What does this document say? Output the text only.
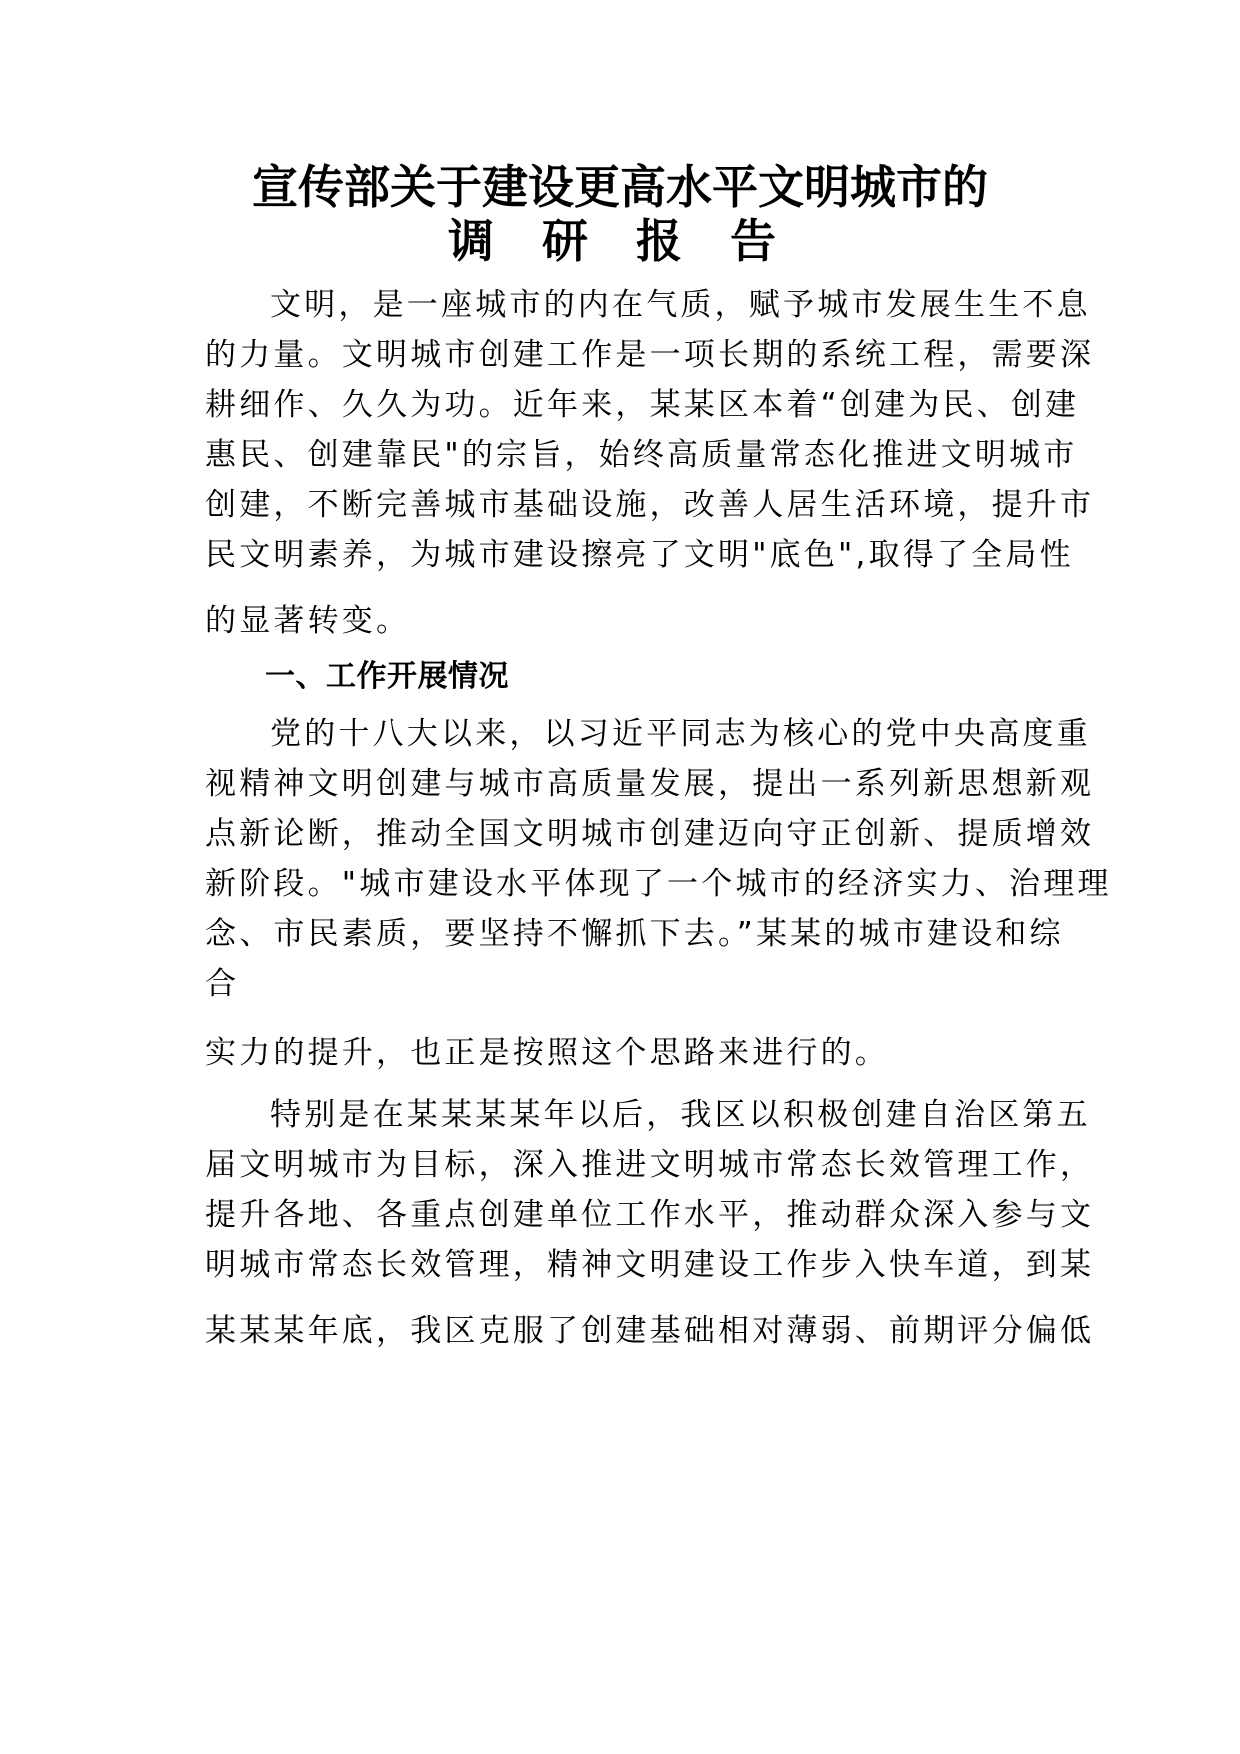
宣传部关于建设更高水平文明城市的
调 研 报 告
文明，是一座城市的内在气质，赋予城市发展生生不息
的力量。文明城市创建工作是一项长期的系统工程，需要深
耕细作、久久为功。近年来，某某区本着“创建为民、创建
惠民、创建靠民"的宗旨，始终高质量常态化推进文明城市
创建，不断完善城市基础设施，改善人居生活环境，提升市
民文明素养，为城市建设擦亮了文明"底色",取得了全局性
的显著转变。
一、工作开展情况
党的十八大以来，以习近平同志为核心的党中央高度重
视精神文明创建与城市高质量发展，提出一系列新思想新观
点新论断，推动全国文明城市创建迈向守正创新、提质增效
新阶段。"城市建设水平体现了一个城市的经济实力、治理理
念、市民素质，要坚持不懈抓下去。”某某的城市建设和综
合
实力的提升，也正是按照这个思路来进行的。
特别是在某某某某年以后，我区以积极创建自治区第五
届文明城市为目标，深入推进文明城市常态长效管理工作，
提升各地、各重点创建单位工作水平，推动群众深入参与文
明城市常态长效管理，精神文明建设工作步入快车道，到某
某某某年底，我区克服了创建基础相对薄弱、前期评分偏低
